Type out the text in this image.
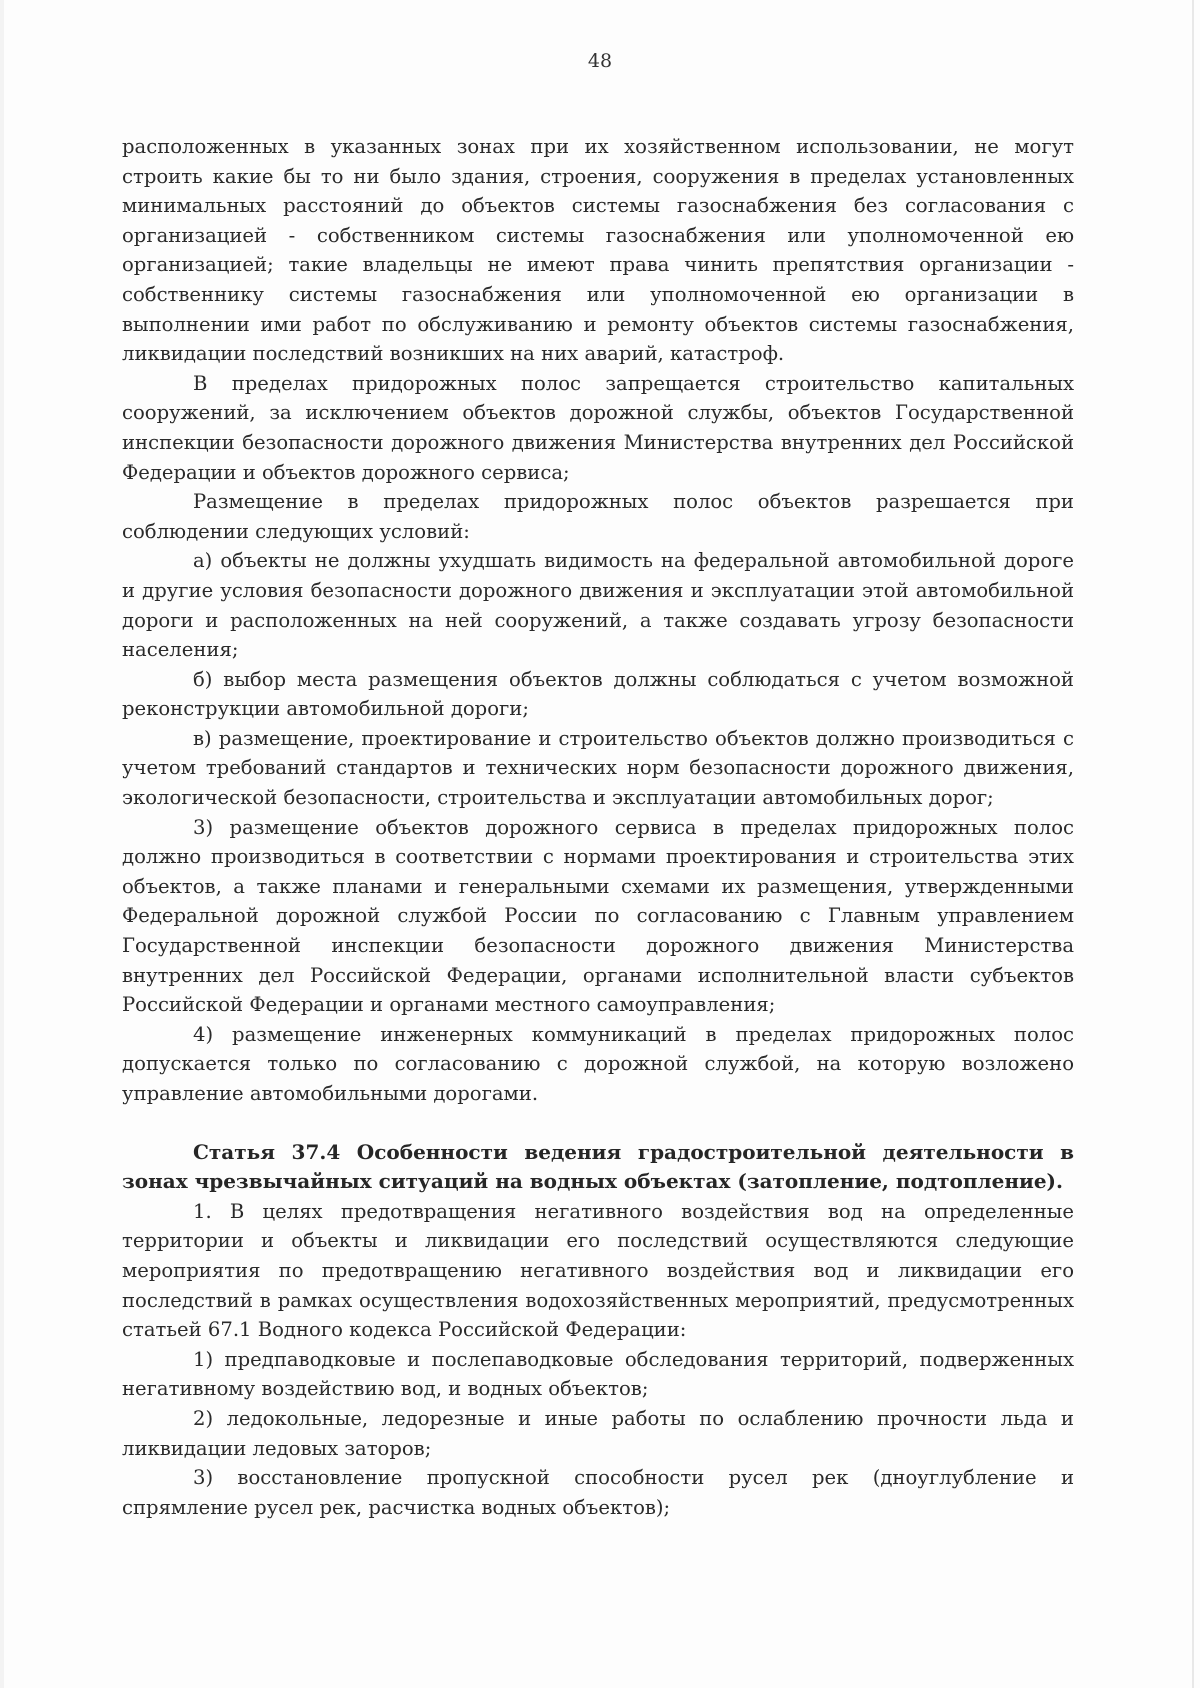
48

расположенных в указанных зонах при их хозяйственном использовании, не могут строить какие бы то ни было здания, строения, сооружения в пределах установленных минимальных расстояний до объектов системы газоснабжения без согласования с организацией - собственником системы газоснабжения или уполномоченной ею организацией; такие владельцы не имеют права чинить препятствия организации - собственнику системы газоснабжения или уполномоченной ею организации в выполнении ими работ по обслуживанию и ремонту объектов системы газоснабжения, ликвидации последствий возникших на них аварий, катастроф.

В пределах придорожных полос запрещается строительство капитальных сооружений, за исключением объектов дорожной службы, объектов Государственной инспекции безопасности дорожного движения Министерства внутренних дел Российской Федерации и объектов дорожного сервиса;

Размещение в пределах придорожных полос объектов разрешается при соблюдении следующих условий:

а) объекты не должны ухудшать видимость на федеральной автомобильной дороге и другие условия безопасности дорожного движения и эксплуатации этой автомобильной дороги и расположенных на ней сооружений, а также создавать угрозу безопасности населения;

б) выбор места размещения объектов должны соблюдаться с учетом возможной реконструкции автомобильной дороги;

в) размещение, проектирование и строительство объектов должно производиться с учетом требований стандартов и технических норм безопасности дорожного движения, экологической безопасности, строительства и эксплуатации автомобильных дорог;

3) размещение объектов дорожного сервиса в пределах придорожных полос должно производиться в соответствии с нормами проектирования и строительства этих объектов, а также планами и генеральными схемами их размещения, утвержденными Федеральной дорожной службой России по согласованию с Главным управлением Государственной инспекции безопасности дорожного движения Министерства внутренних дел Российской Федерации, органами исполнительной власти субъектов Российской Федерации и органами местного самоуправления;

4) размещение инженерных коммуникаций в пределах придорожных полос допускается только по согласованию с дорожной службой, на которую возложено управление автомобильными дорогами.

Статья 37.4 Особенности ведения градостроительной деятельности в зонах чрезвычайных ситуаций на водных объектах (затопление, подтопление).

1. В целях предотвращения негативного воздействия вод на определенные территории и объекты и ликвидации его последствий осуществляются следующие мероприятия по предотвращению негативного воздействия вод и ликвидации его последствий в рамках осуществления водохозяйственных мероприятий, предусмотренных статьей 67.1 Водного кодекса Российской Федерации:

1) предпаводковые и послепаводковые обследования территорий, подверженных негативному воздействию вод, и водных объектов;

2) ледокольные, ледорезные и иные работы по ослаблению прочности льда и ликвидации ледовых заторов;

3) восстановление пропускной способности русел рек (дноуглубление и спрямление русел рек, расчистка водных объектов);
